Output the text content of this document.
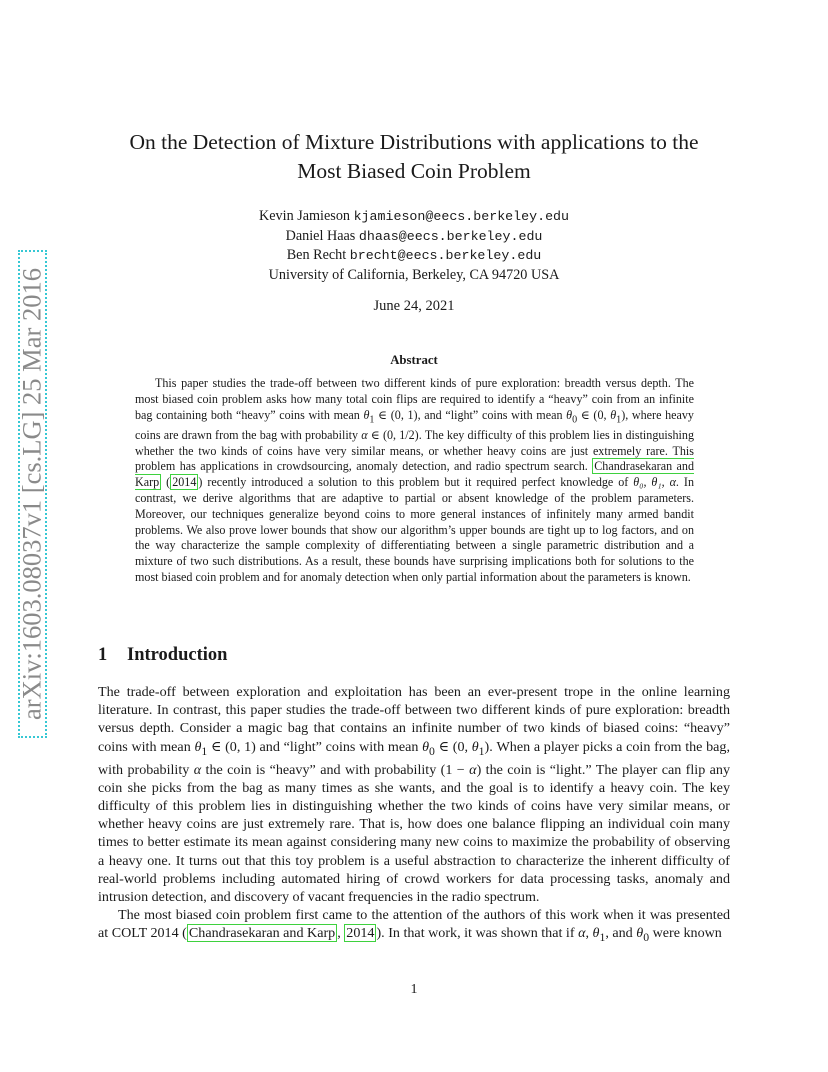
arXiv:1603.08037v1 [cs.LG] 25 Mar 2016
On the Detection of Mixture Distributions with applications to the
Most Biased Coin Problem
Kevin Jamieson kjamieson@eecs.berkeley.edu
Daniel Haas dhaas@eecs.berkeley.edu
Ben Recht brecht@eecs.berkeley.edu
University of California, Berkeley, CA 94720 USA
June 24, 2021
Abstract

This paper studies the trade-off between two different kinds of pure exploration: breadth versus depth. The most biased coin problem asks how many total coin flips are required to identify a “heavy” coin from an infinite bag containing both “heavy” coins with mean $\theta_1$ ∈ (0, 1), and “light” coins with mean $\theta_0$ ∈ (0, $\theta_1$), where heavy coins are drawn from the bag with probability α ∈ (0, 1/2). The key difficulty of this problem lies in distinguishing whether the two kinds of coins have very similar means, or whether heavy coins are just extremely rare. This problem has applications in crowdsourcing, anomaly detection, and radio spectrum search. Chandrasekaran and Karp ( 2014 ) recently introduced a solution to this problem but it required perfect knowledge of θ₀, θ₁, α. In contrast, we derive algorithms that are adaptive to partial or absent knowledge of the problem parameters. Moreover, our techniques generalize beyond coins to more general instances of infinitely many armed bandit problems. We also prove lower bounds that show our algorithm’s upper bounds are tight up to log factors, and on the way characterize the sample complexity of differentiating between a single parametric distribution and a mixture of two such distributions. As a result, these bounds have surprising implications both for solutions to the most biased coin problem and for anomaly detection when only partial information about the parameters is known.

1 Introduction

The trade-off between exploration and exploitation has been an ever-present trope in the online learning literature. In contrast, this paper studies the trade-off between two different kinds of pure exploration: breadth versus depth. Consider a magic bag that contains an infinite number of two kinds of biased coins: “heavy” coins with mean $\theta_1$ ∈ (0, 1) and “light” coins with mean $\theta_0$ ∈ (0, $\theta_1$). When a player picks a coin from the bag, with probability α the coin is “heavy” and with probability (1 − α) the coin is “light.” The player can flip any coin she picks from the bag as many times as she wants, and the goal is to identify a heavy coin. The key difficulty of this problem lies in distinguishing whether the two kinds of coins have very similar means, or whether heavy coins are just extremely rare. That is, how does one balance flipping an individual coin many times to better estimate its mean against considering many new coins to maximize the probability of observing a heavy one. It turns out that this toy problem is a useful abstraction to characterize the inherent difficulty of real-world problems including automated hiring of crowd workers for data processing tasks, anomaly and intrusion detection, and discovery of vacant frequencies in the radio spectrum.

The most biased coin problem first came to the attention of the authors of this work when it was presented at COLT 2014 ( Chandrasekaran and Karp , 2014 ). In that work, it was shown that if α, $\theta_1$, and $\theta_0$ were known

1
